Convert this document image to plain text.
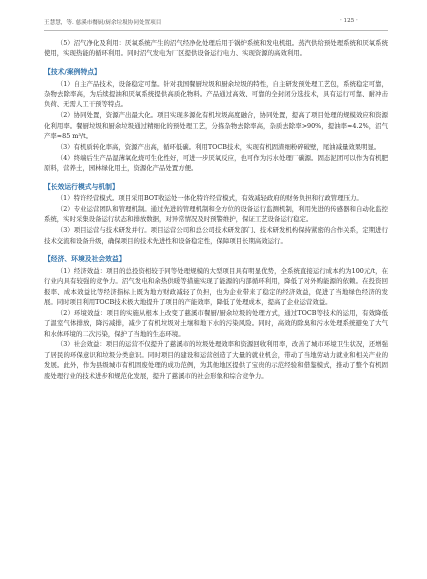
王慧慧，等. 慈溪市餐厨/厨余垃圾协同处置项目	· 125 ·

（5）沼气净化及利用：厌氧系统产生的沼气经净化处理后用于锅炉系统和发电机组。蒸汽供给预处理系统和厌氧系统使用，实现热能的循环利用。同时沼气发电为厂区提供设备运行电力、实现资源的高效利用。

【技术/案例特点】

（1）自主产品技术，设备稳定可靠。针对我国餐厨垃圾和厨余垃圾的特性，自主研发预处理工艺包，系统稳定可靠，杂物去除率高，为后续提油和厌氧系统提供高质化物料。产品通过高效、可靠的全封闭分选技术，具有运行可靠、耐冲击负荷、无需人工干预等特点。

（2）协同处置，资源产出最大化。项目实现多源化有机垃圾高度融合，协同处置，提高了项目处理的规模效应和资源化利用率。餐厨垃圾和厨余垃圾通过精细化的预处理工艺，分拣杂物去除率高，杂质去除率>90%，提油率≈4.2%，沼气产率≈85 m³/t。

（3）有机质转化率高，资源产出高，循环低碳。利用TOCB技术，实现有机固渣细粉碎破壁，尾油减量效果明显。

（4）终端后生产品湿薄氧化烧可生化性好，可进一步厌氧反应，也可作为污水处理厂碳源。固态泥团可以作为有机肥原料，营养土，园林绿化用土，资源化产品处置方便。

【长效运行模式与机制】

（1）特许经营模式。项目采用BOT收运处一体化特许经营模式，有效减轻政府的财务负担和行政管理压力。

（2）专业运营团队和管理机制。通过先进的管理机制和全方位的设备运行监测机制，利用先进的传感器和自动化监控系统，实时采集设备运行状态和排放数据，对异常情况及时预警维护，保证工艺设备运行稳定。

（3）项目运营与技术研发并行。项目运营公司和总公司技术研发部门、技术研发机构保持紧密的合作关系，定期进行技术交流和设备升级，确保项目的技术先进性和设备稳定性，保障项目长期高效运行。

【经济、环境及社会效益】

（1）经济效益：项目的总投资相较于同等处理规模的大型项目具有明显优势，全系统直接运行成本约为100元/t，在行业内具有较强的竞争力。沼气发电和余热供暖等措施实现了能源的内部循环利用，降低了对外购能源的依赖。在投资回报率、成本效益比等经济指标上既为地方财政减轻了负担，也为企业带来了稳定的经济效益，促进了当地绿色经济的发展。同时项目利用TOCB技术极大地提升了项目的产能效率，降低了处理成本，提高了企业运营效益。

（2）环境效益：项目的实施从根本上改变了慈溪市餐厨/厨余垃圾的处理方式，通过TOCB等技术的运用，有效降低了温室气体排放，降污减排，减少了有机垃圾对土壤和地下水的污染风险。同时，高效的除臭和污水处理系统避免了大气和水体环境的二次污染，保护了当地的生态环境。

（3）社会效益：项目的运营不仅提升了慈溪市的垃圾处理效率和资源回收利用率，改善了城市环境卫生状况，还增强了居民的环保意识和垃圾分类意识。同时项目的建设和运营创造了大量的就业机会，带动了当地劳动力就业和相关产业的发展。此外，作为县级城市有机固废处理的成功范例，为其他地区提供了宝贵的示范经验和借鉴模式，推动了整个有机固废处理行业的技术进步和规范化发展，提升了慈溪市的社会形象和综合竞争力。
